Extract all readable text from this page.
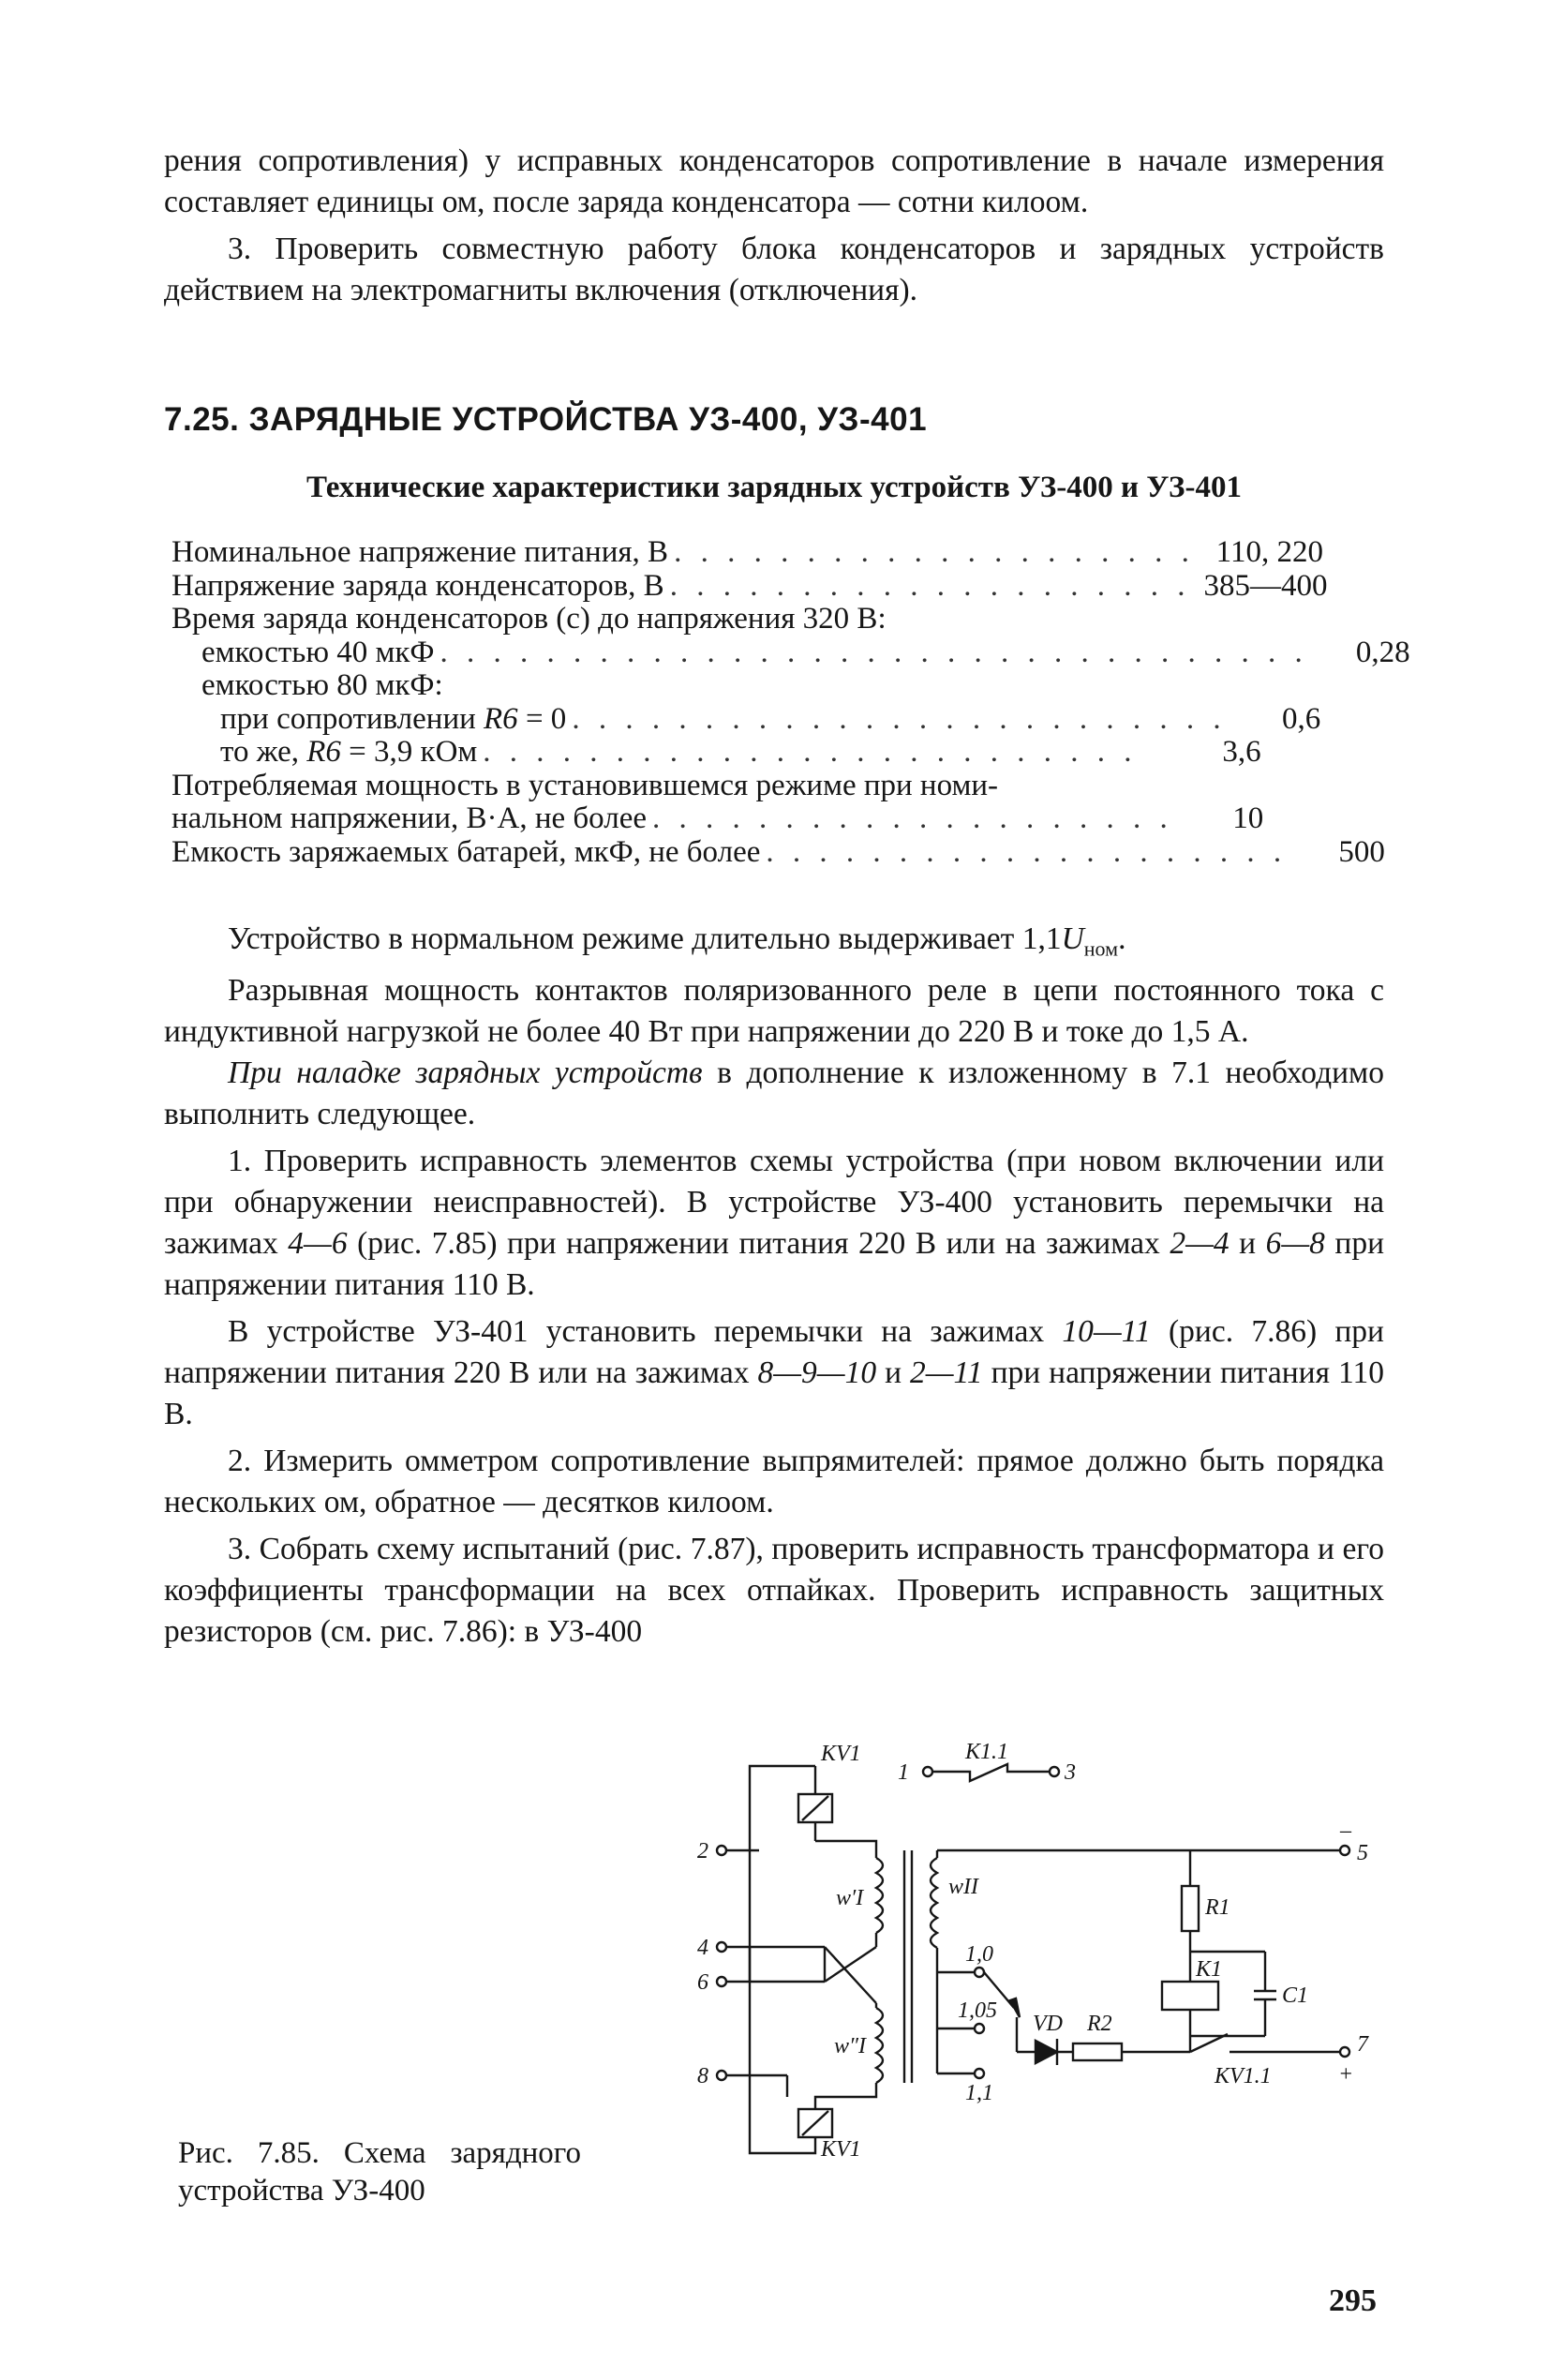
рения сопротивления) у исправных конденсаторов сопротивление в начале измерения составляет единицы ом, после заряда конденсатора — сотни килоом.

3. Проверить совместную работу блока конденсаторов и зарядных устройств действием на электромагниты включения (отключения).

7.25. ЗАРЯДНЫЕ УСТРОЙСТВА УЗ-400, УЗ-401

Технические характеристики зарядных устройств УЗ-400 и УЗ-401

Номинальное напряжение питания, В . . . . . . . . . . . . . . . . . . . . 110, 220
Напряжение заряда конденсаторов, В . . . . . . . . . . . . . . . . . . . . 385—400
Время заряда конденсаторов (с) до напряжения 320 В:
емкостью 40 мкФ . . . . . . . . . . . . . . . . . . . . . . . . . . . . . . . . .	0,28
емкостью 80 мкФ:
при сопротивлении R6 = 0 . . . . . . . . . . . . . . . . . . . . . . . . .	0,6
то же, R6 = 3,9 кОм . . . . . . . . . . . . . . . . . . . . . . . . .	3,6
Потребляемая мощность в установившемся режиме при номи-
нальном напряжении, В·А, не более . . . . . . . . . . . . . . . . . . . .	10
Емкость заряжаемых батарей, мкФ, не более . . . . . . . . . . . . . . . . . . . .	500

Устройство в нормальном режиме длительно выдерживает $1,1U_{ном}$.

Разрывная мощность контактов поляризованного реле в цепи постоянного тока с индуктивной нагрузкой не более 40 Вт при напряжении до 220 В и токе до 1,5 А.

При наладке зарядных устройств в дополнение к изложенному в 7.1 необходимо выполнить следующее.

1. Проверить исправность элементов схемы устройства (при новом включении или при обнаружении неисправностей). В устройстве УЗ-400 установить перемычки на зажимах 4—6 (рис. 7.85) при напряжении питания 220 В или на зажимах 2—4 и 6—8 при напряжении питания 110 В.

В устройстве УЗ-401 установить перемычки на зажимах 10—11 (рис. 7.86) при напряжении питания 220 В или на зажимах 8—9—10 и 2—11 при напряжении питания 110 В.

2. Измерить омметром сопротивление выпрямителей: прямое должно быть порядка нескольких ом, обратное — десятков килоом.

3. Собрать схему испытаний (рис. 7.87), проверить исправность трансформатора и его коэффициенты трансформации на всех отпайках. Проверить исправность защитных резисторов (см. рис. 7.86): в УЗ-400

KV1	K1.1
1	3
2
4
6
8
w′I
w″I
wII
1,0
1,05
1,1
R1
K1
C1
VD R2
KV1.1
5
–
7
+
KV1

Рис. 7.85. Схема зарядного устройства УЗ-400

295
